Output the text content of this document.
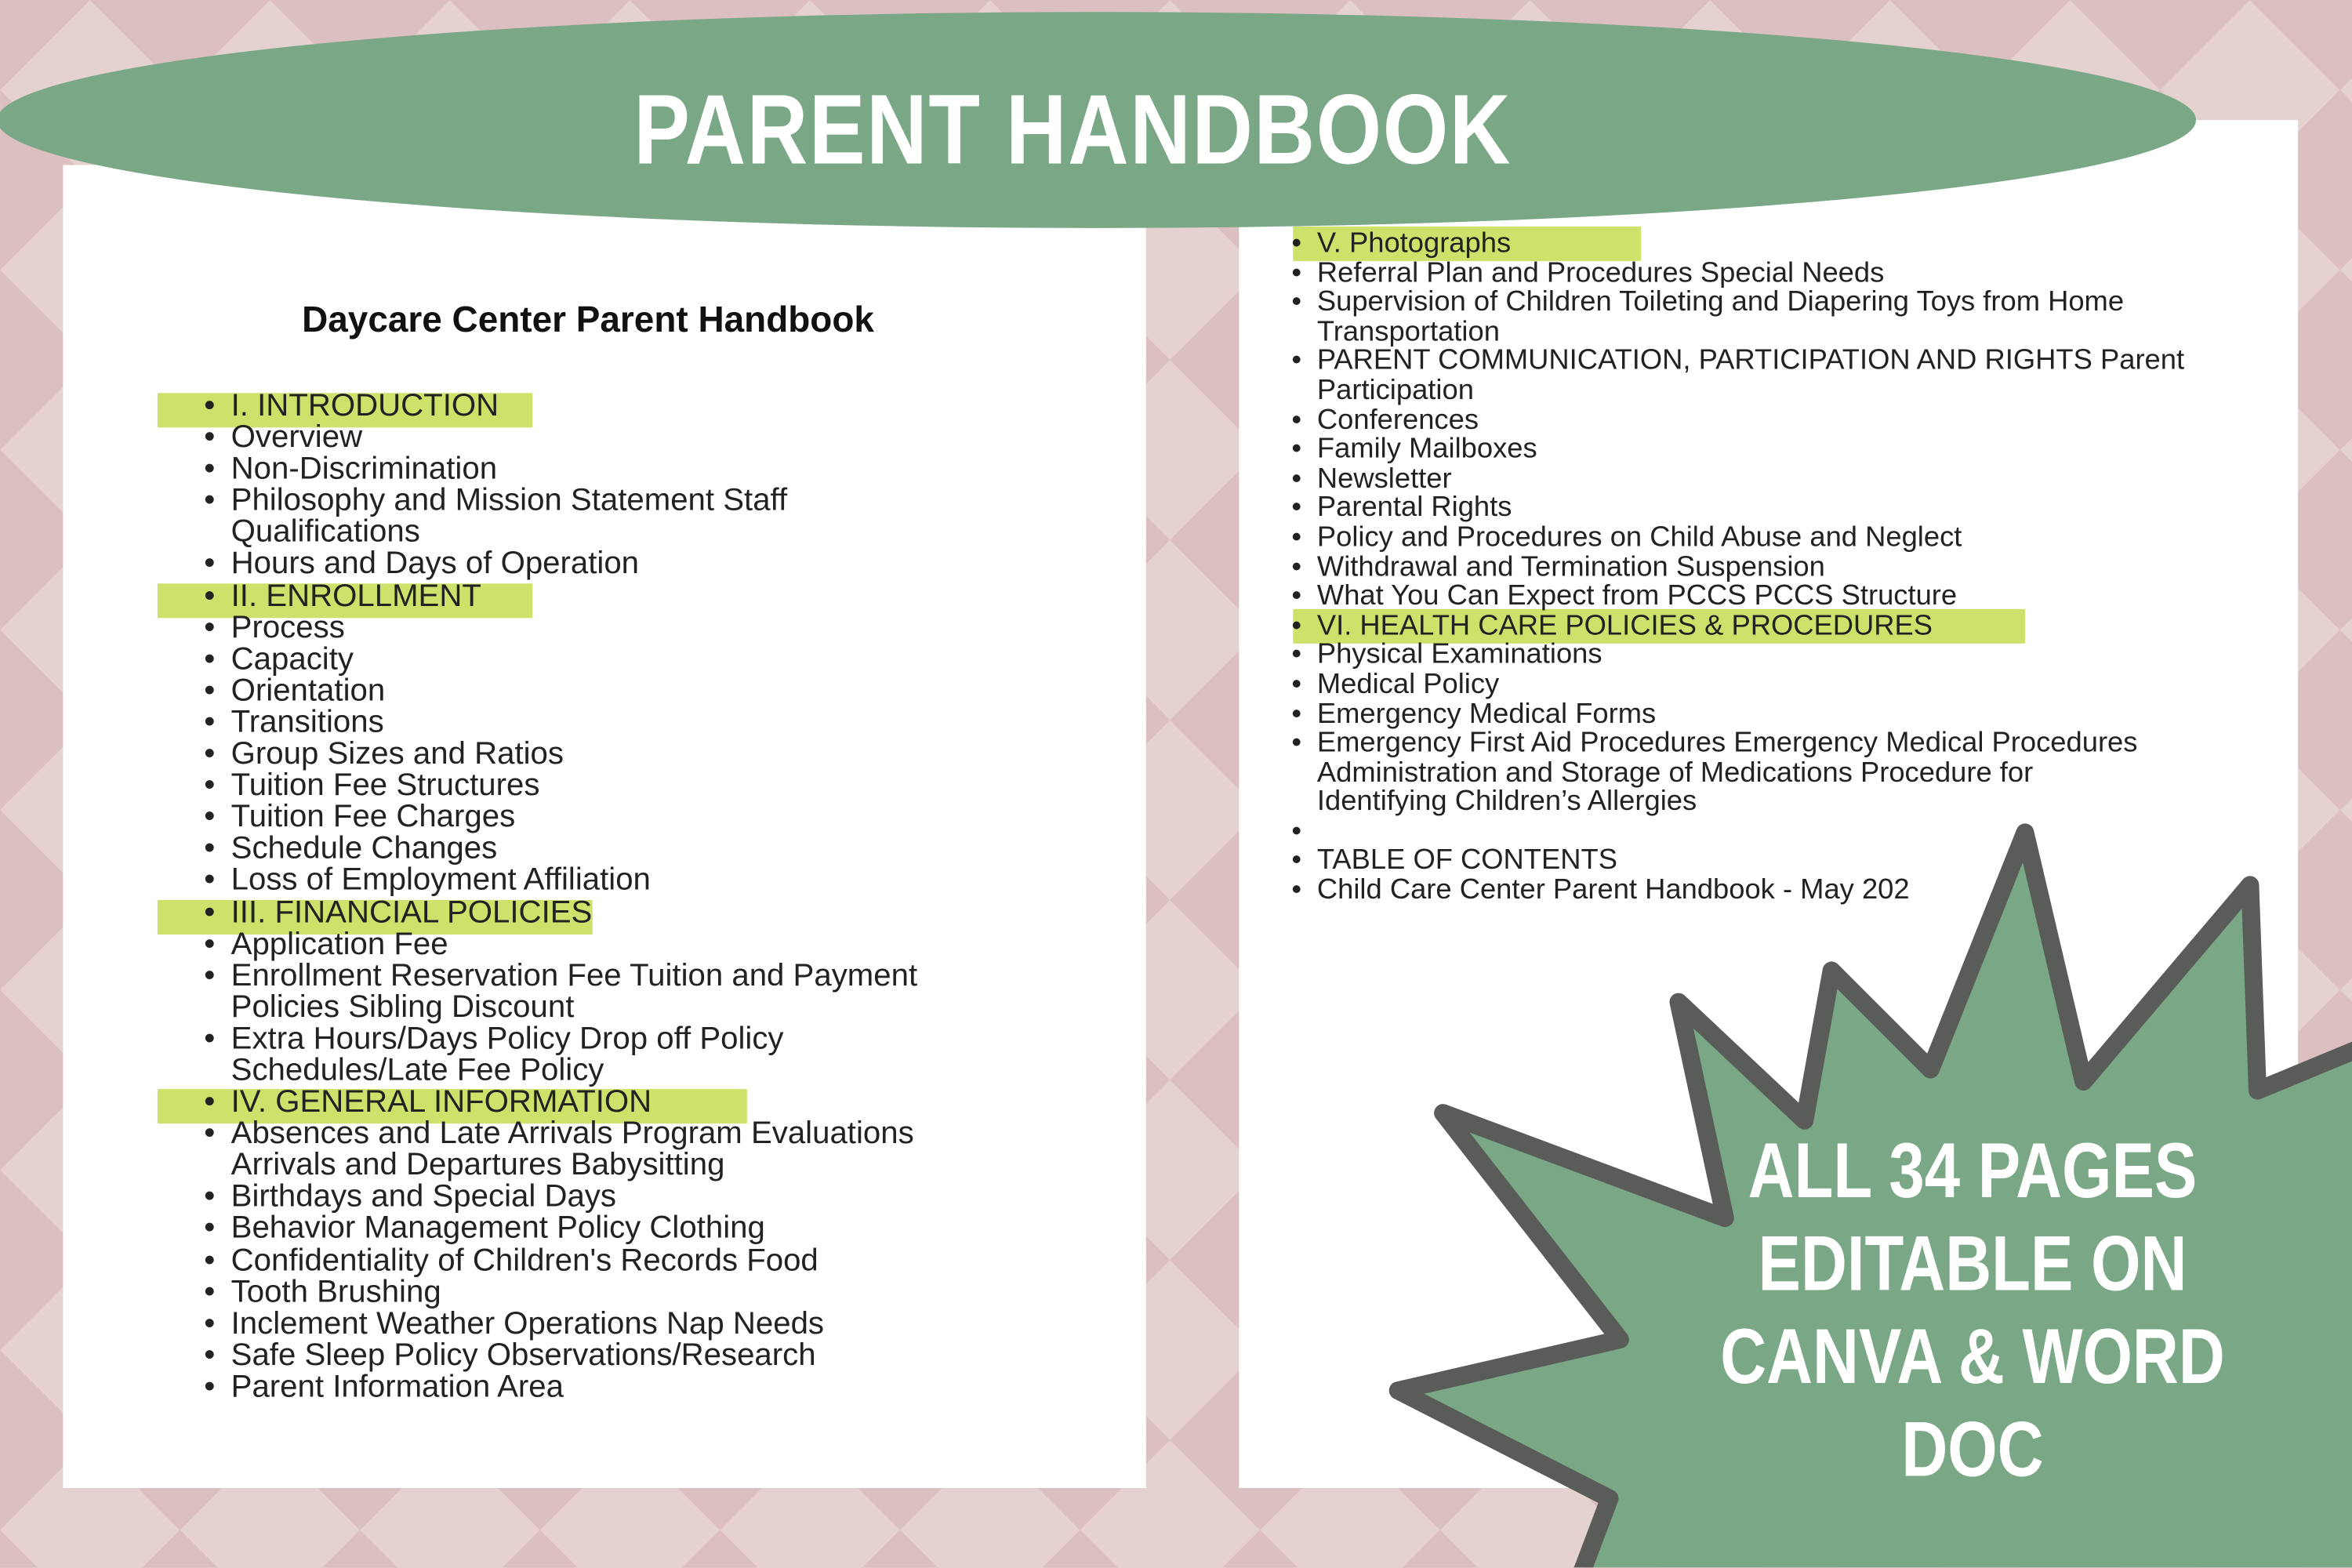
PARENT HANDBOOK
Daycare Center Parent Handbook
• I. INTRODUCTION
• Overview
• Non-Discrimination
• Philosophy and Mission Statement Staff
Qualifications
• Hours and Days of Operation
• II. ENROLLMENT
• Process
• Capacity
• Orientation
• Transitions
• Group Sizes and Ratios
• Tuition Fee Structures
• Tuition Fee Charges
• Schedule Changes
• Loss of Employment Affiliation
• III. FINANCIAL POLICIES
• Application Fee
• Enrollment Reservation Fee Tuition and Payment
Policies Sibling Discount
• Extra Hours/Days Policy Drop off Policy
Schedules/Late Fee Policy
• IV. GENERAL INFORMATION
• Absences and Late Arrivals Program Evaluations
Arrivals and Departures Babysitting
• Birthdays and Special Days
• Behavior Management Policy Clothing
• Confidentiality of Children's Records Food
• Tooth Brushing
• Inclement Weather Operations Nap Needs
• Safe Sleep Policy Observations/Research
• Parent Information Area
• V. Photographs
• Referral Plan and Procedures Special Needs
• Supervision of Children Toileting and Diapering Toys from Home
Transportation
• PARENT COMMUNICATION, PARTICIPATION AND RIGHTS Parent
Participation
• Conferences
• Family Mailboxes
• Newsletter
• Parental Rights
• Policy and Procedures on Child Abuse and Neglect
• Withdrawal and Termination Suspension
• What You Can Expect from PCCS PCCS Structure
• VI. HEALTH CARE POLICIES & PROCEDURES
• Physical Examinations
• Medical Policy
• Emergency Medical Forms
• Emergency First Aid Procedures Emergency Medical Procedures
Administration and Storage of Medications Procedure for
Identifying Children’s Allergies
•
• TABLE OF CONTENTS
• Child Care Center Parent Handbook - May 202
ALL 34 PAGES
EDITABLE ON
CANVA & WORD DOC
